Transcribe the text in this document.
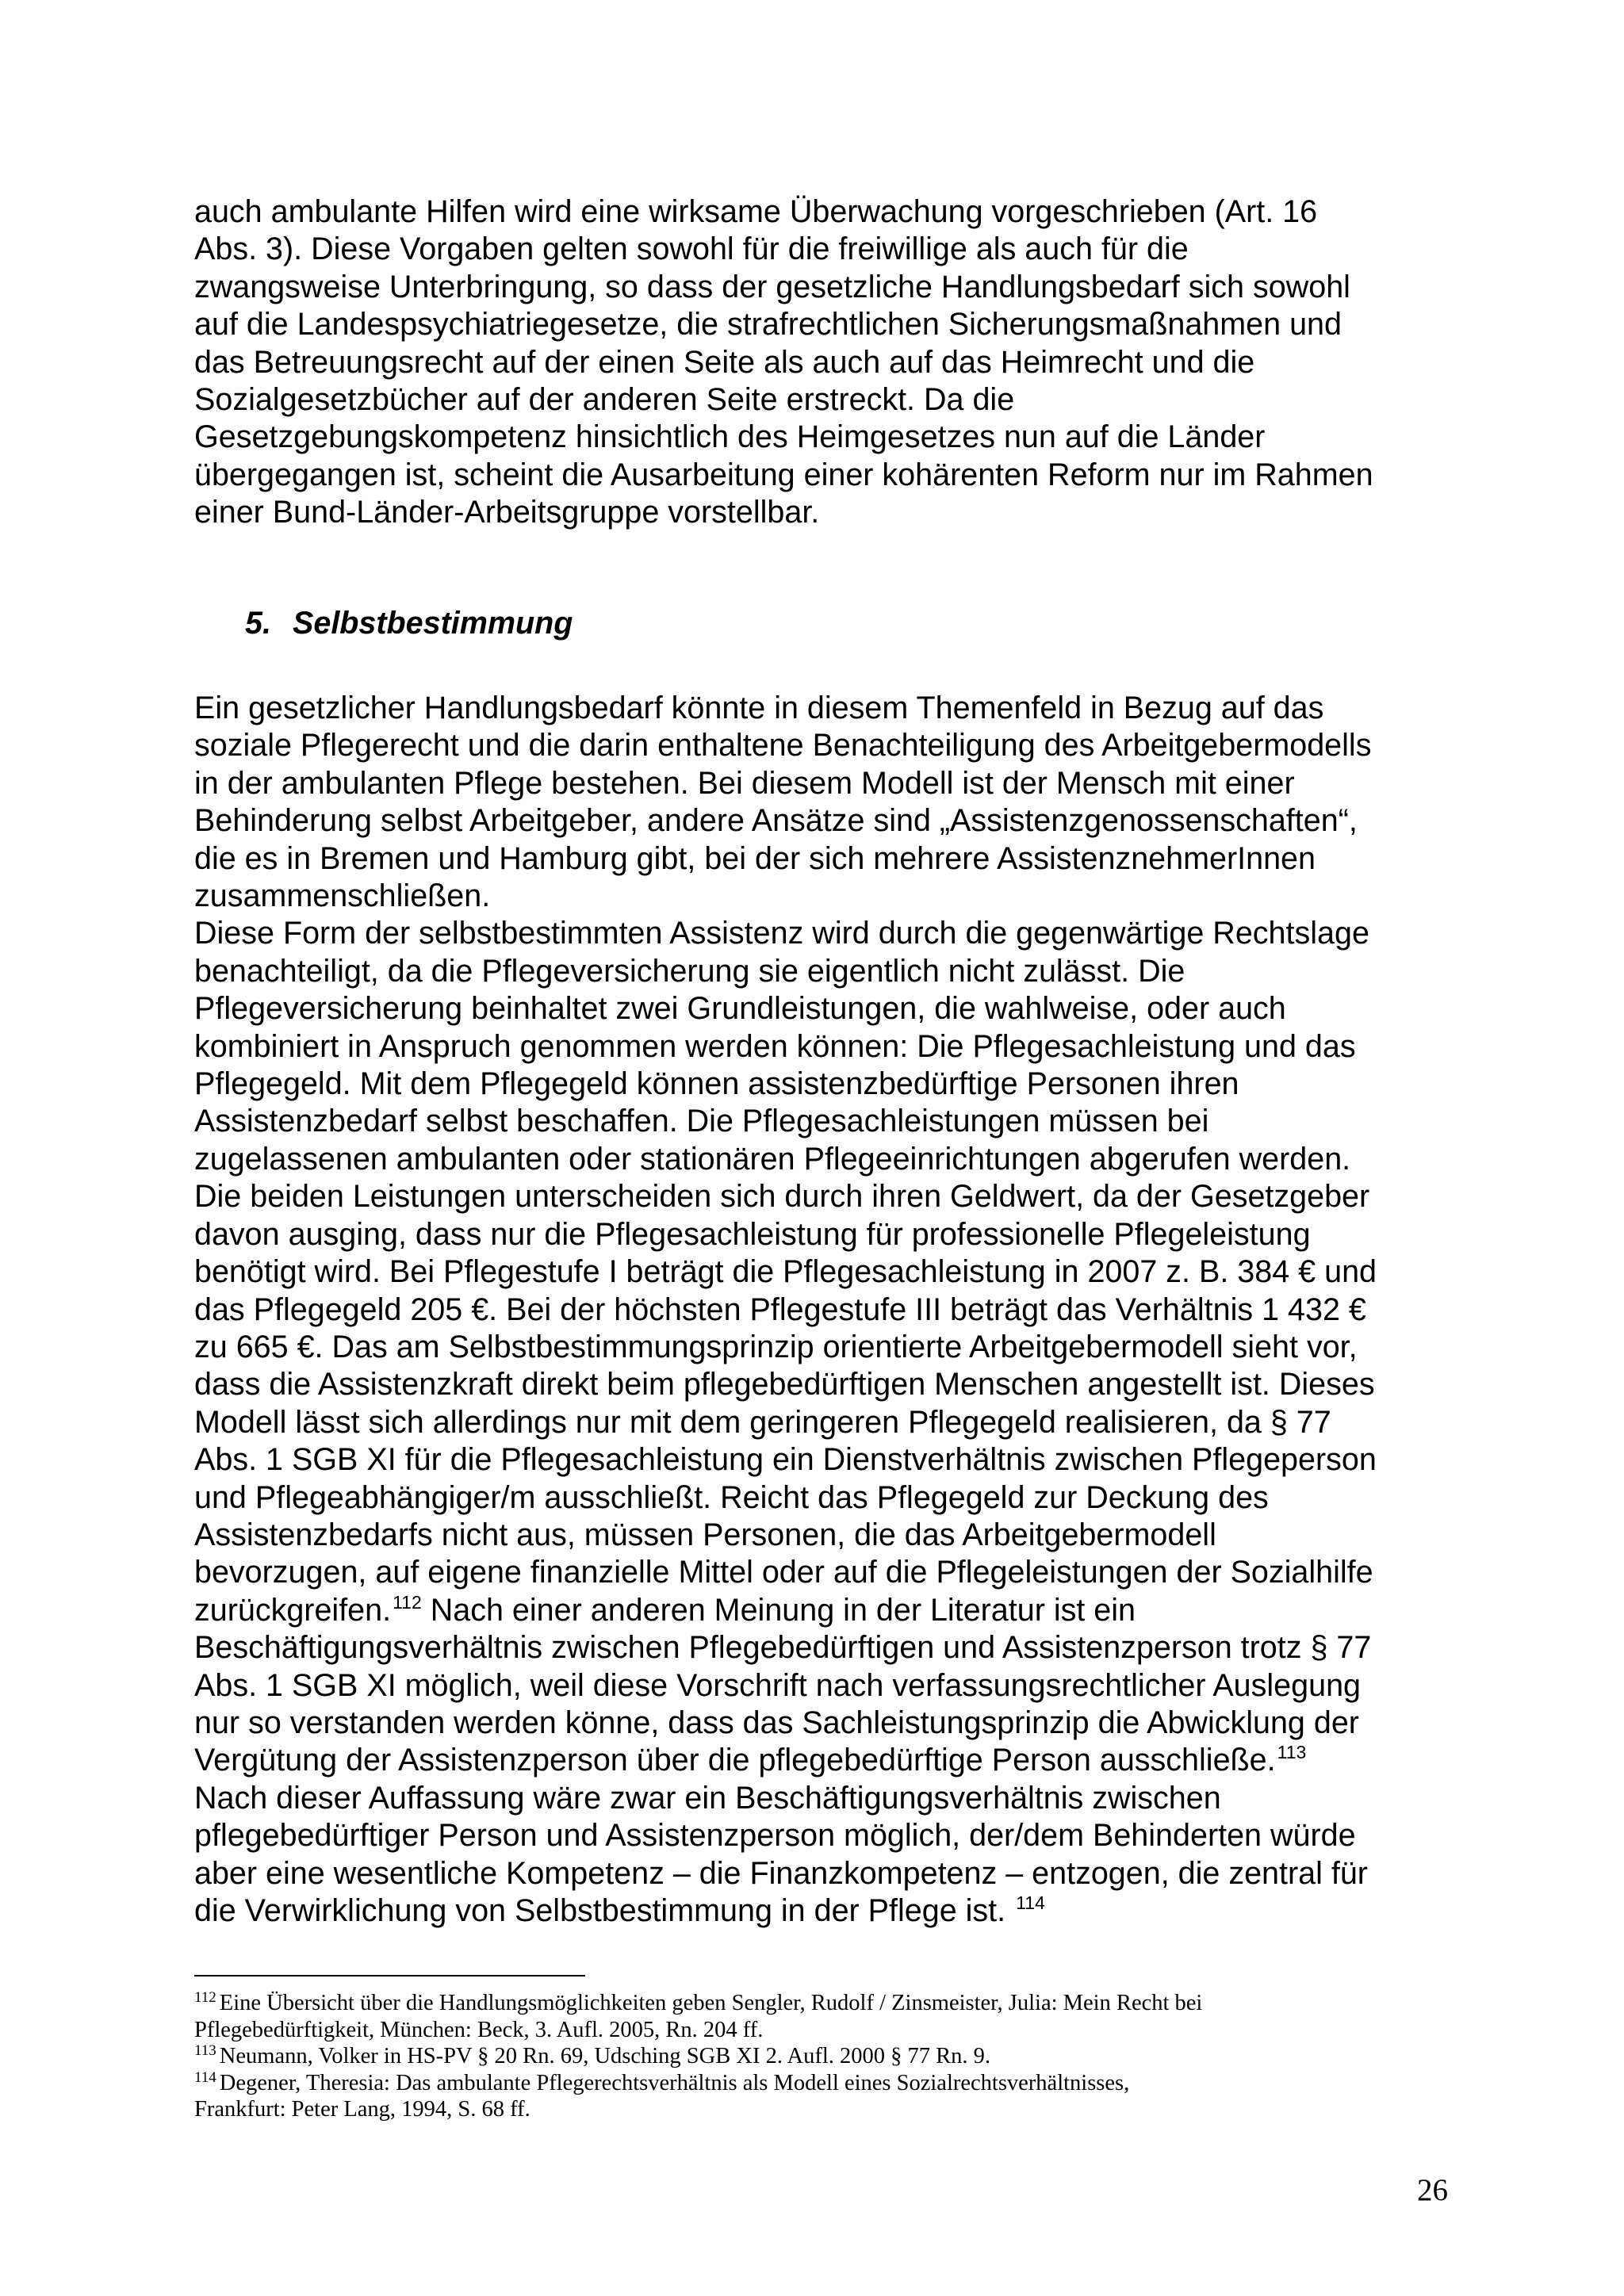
auch ambulante Hilfen wird eine wirksame Überwachung vorgeschrieben (Art. 16
Abs. 3). Diese Vorgaben gelten sowohl für die freiwillige als auch für die
zwangsweise Unterbringung, so dass der gesetzliche Handlungsbedarf sich sowohl
auf die Landespsychiatriegesetze, die strafrechtlichen Sicherungsmaßnahmen und
das Betreuungsrecht auf der einen Seite als auch auf das Heimrecht und die
Sozialgesetzbücher auf der anderen Seite erstreckt. Da die
Gesetzgebungskompetenz hinsichtlich des Heimgesetzes nun auf die Länder
übergegangen ist, scheint die Ausarbeitung einer kohärenten Reform nur im Rahmen
einer Bund-Länder-Arbeitsgruppe vorstellbar.

5. Selbstbestimmung

Ein gesetzlicher Handlungsbedarf könnte in diesem Themenfeld in Bezug auf das
soziale Pflegerecht und die darin enthaltene Benachteiligung des Arbeitgebermodells
in der ambulanten Pflege bestehen. Bei diesem Modell ist der Mensch mit einer
Behinderung selbst Arbeitgeber, andere Ansätze sind „Assistenzgenossenschaften“,
die es in Bremen und Hamburg gibt, bei der sich mehrere AssistenznehmerInnen
zusammenschließen.
Diese Form der selbstbestimmten Assistenz wird durch die gegenwärtige Rechtslage
benachteiligt, da die Pflegeversicherung sie eigentlich nicht zulässt. Die
Pflegeversicherung beinhaltet zwei Grundleistungen, die wahlweise, oder auch
kombiniert in Anspruch genommen werden können: Die Pflegesachleistung und das
Pflegegeld. Mit dem Pflegegeld können assistenzbedürftige Personen ihren
Assistenzbedarf selbst beschaffen. Die Pflegesachleistungen müssen bei
zugelassenen ambulanten oder stationären Pflegeeinrichtungen abgerufen werden.
Die beiden Leistungen unterscheiden sich durch ihren Geldwert, da der Gesetzgeber
davon ausging, dass nur die Pflegesachleistung für professionelle Pflegeleistung
benötigt wird. Bei Pflegestufe I beträgt die Pflegesachleistung in 2007 z. B. 384 € und
das Pflegegeld 205 €. Bei der höchsten Pflegestufe III beträgt das Verhältnis 1 432 €
zu 665 €. Das am Selbstbestimmungsprinzip orientierte Arbeitgebermodell sieht vor,
dass die Assistenzkraft direkt beim pflegebedürftigen Menschen angestellt ist. Dieses
Modell lässt sich allerdings nur mit dem geringeren Pflegegeld realisieren, da § 77
Abs. 1 SGB XI für die Pflegesachleistung ein Dienstverhältnis zwischen Pflegeperson
und Pflegeabhängiger/m ausschließt. Reicht das Pflegegeld zur Deckung des
Assistenzbedarfs nicht aus, müssen Personen, die das Arbeitgebermodell
bevorzugen, auf eigene finanzielle Mittel oder auf die Pflegeleistungen der Sozialhilfe
zurückgreifen.$^{112}$ Nach einer anderen Meinung in der Literatur ist ein
Beschäftigungsverhältnis zwischen Pflegebedürftigen und Assistenzperson trotz § 77
Abs. 1 SGB XI möglich, weil diese Vorschrift nach verfassungsrechtlicher Auslegung
nur so verstanden werden könne, dass das Sachleistungsprinzip die Abwicklung der
Vergütung der Assistenzperson über die pflegebedürftige Person ausschließe.$^{113}$
Nach dieser Auffassung wäre zwar ein Beschäftigungsverhältnis zwischen
pflegebedürftiger Person und Assistenzperson möglich, der/dem Behinderten würde
aber eine wesentliche Kompetenz – die Finanzkompetenz – entzogen, die zentral für
die Verwirklichung von Selbstbestimmung in der Pflege ist. $^{114}$

$^{112}$ Eine Übersicht über die Handlungsmöglichkeiten geben Sengler, Rudolf / Zinsmeister, Julia: Mein Recht bei
Pflegebedürftigkeit, München: Beck, 3. Aufl. 2005, Rn. 204 ff.
$^{113}$ Neumann, Volker in HS-PV § 20 Rn. 69, Udsching SGB XI 2. Aufl. 2000 § 77 Rn. 9.
$^{114}$ Degener, Theresia: Das ambulante Pflegerechtsverhältnis als Modell eines Sozialrechtsverhältnisses,
Frankfurt: Peter Lang, 1994, S. 68 ff.
26
